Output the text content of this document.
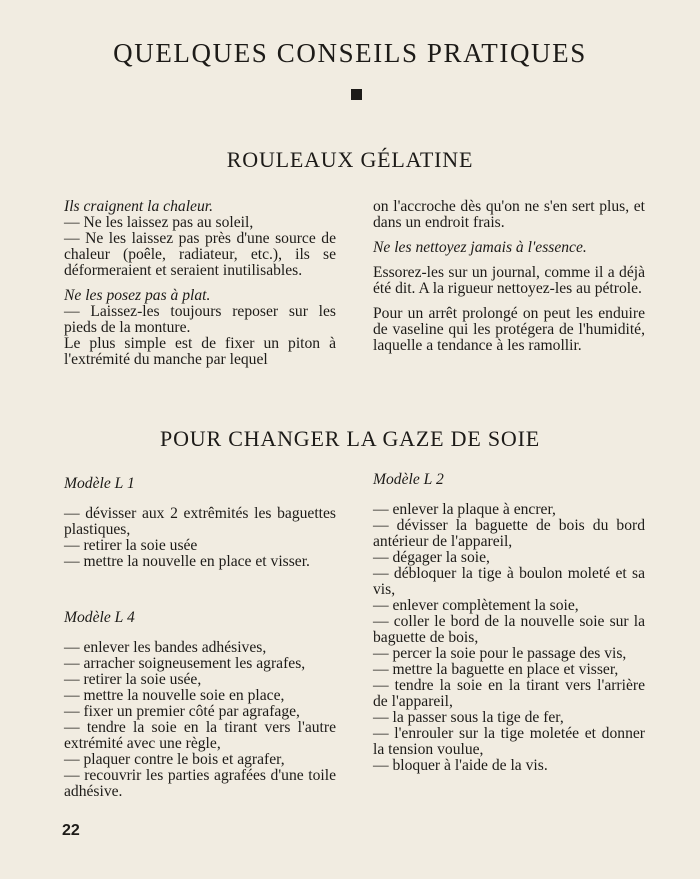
QUELQUES CONSEILS PRATIQUES
ROULEAUX GÉLATINE

Ils craignent la chaleur.

— Ne les laissez pas au soleil,

— Ne les laissez pas près d'une source de chaleur (poêle, radiateur, etc.), ils se déformeraient et seraient inutilisables.

Ne les posez pas à plat.

— Laissez-les toujours reposer sur les pieds de la monture.

Le plus simple est de fixer un piton à l'extrémité du manche par lequel

on l'accroche dès qu'on ne s'en sert plus, et dans un endroit frais.

Ne les nettoyez jamais à l'essence.

Essorez-les sur un journal, comme il a déjà été dit. A la rigueur nettoyez-les au pétrole.

Pour un arrêt prolongé on peut les enduire de vaseline qui les protégera de l'humidité, laquelle a tendance à les ramollir.

POUR CHANGER LA GAZE DE SOIE

Modèle L 1

— dévisser aux 2 extrêmités les baguettes plastiques,

— retirer la soie usée

— mettre la nouvelle en place et visser.

Modèle L 4

— enlever les bandes adhésives,

— arracher soigneusement les agrafes,

— retirer la soie usée,

— mettre la nouvelle soie en place,

— fixer un premier côté par agrafage,

— tendre la soie en la tirant vers l'autre extrémité avec une règle,

— plaquer contre le bois et agrafer,

— recouvrir les parties agrafées d'une toile adhésive.

Modèle L 2

— enlever la plaque à encrer,

— dévisser la baguette de bois du bord antérieur de l'appareil,

— dégager la soie,

— débloquer la tige à boulon moleté et sa vis,

— enlever complètement la soie,

— coller le bord de la nouvelle soie sur la baguette de bois,

— percer la soie pour le passage des vis,

— mettre la baguette en place et visser,

— tendre la soie en la tirant vers l'arrière de l'appareil,

— la passer sous la tige de fer,

— l'enrouler sur la tige moletée et donner la tension voulue,

— bloquer à l'aide de la vis.

22
